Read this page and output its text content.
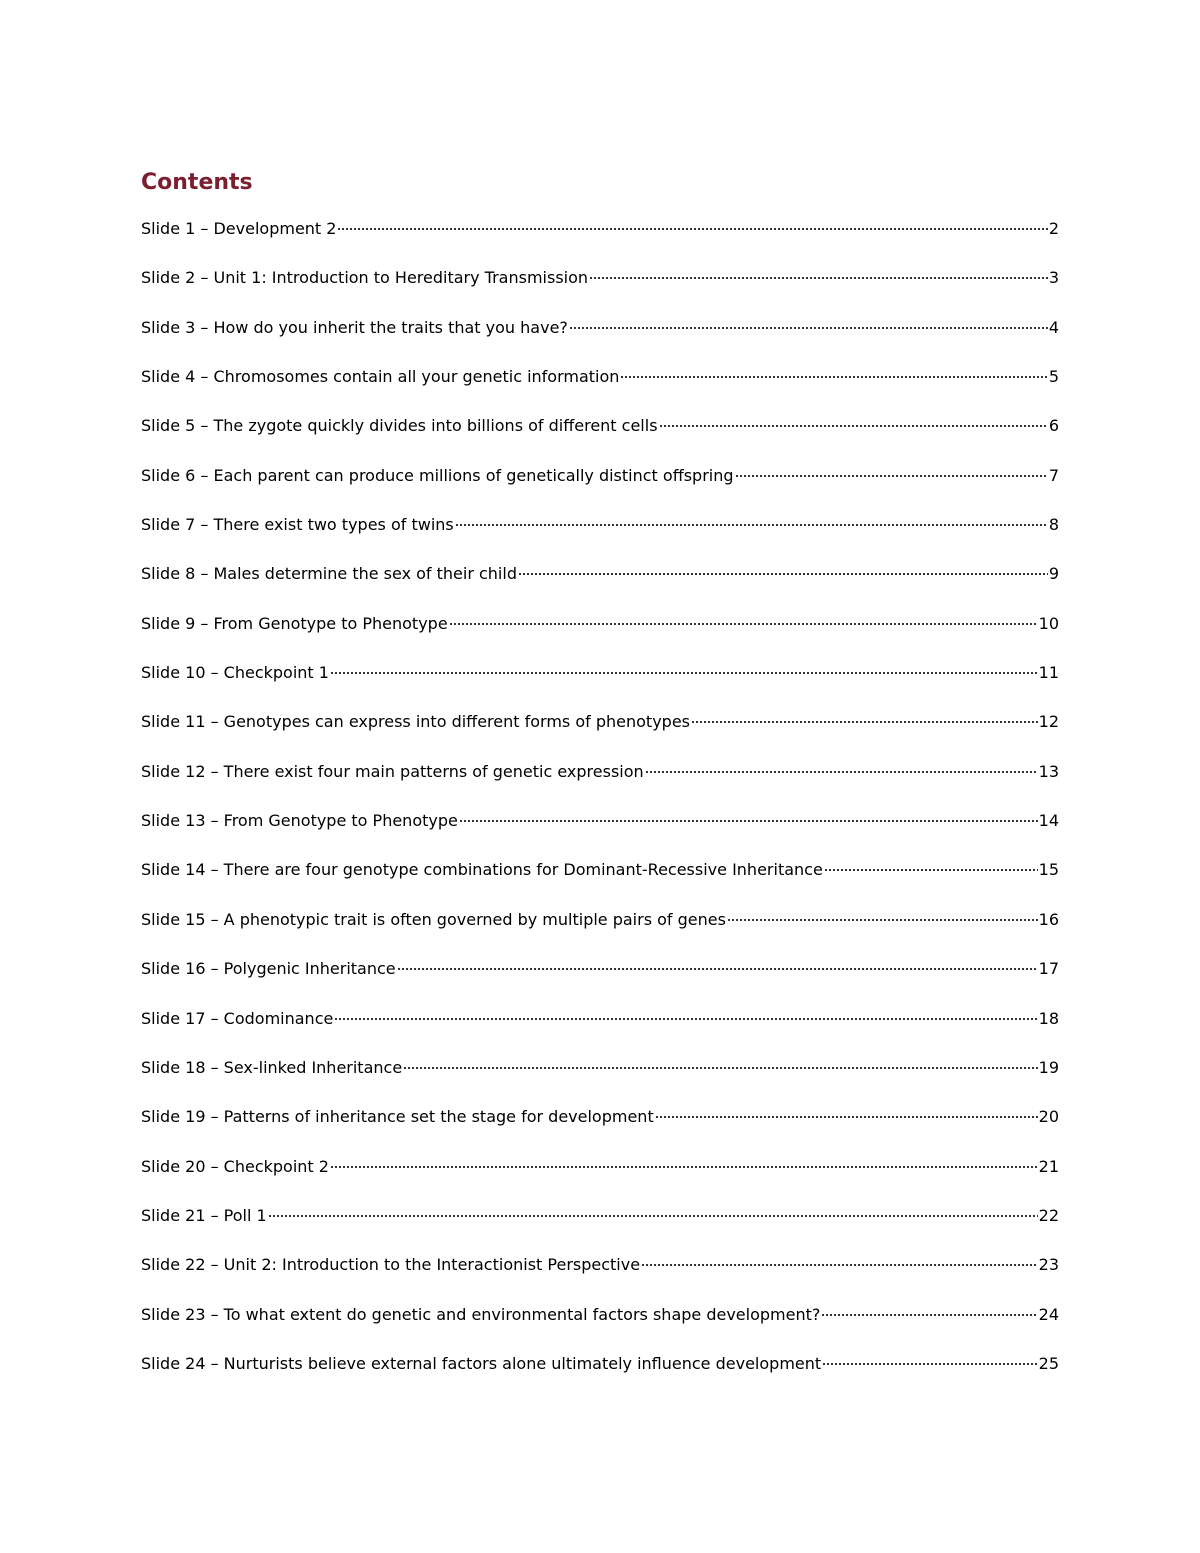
Contents
Slide 1 – Development 2	2
Slide 2 – Unit 1: Introduction to Hereditary Transmission	3
Slide 3 – How do you inherit the traits that you have?	4
Slide 4 – Chromosomes contain all your genetic information	5
Slide 5 – The zygote quickly divides into billions of different cells	6
Slide 6 – Each parent can produce millions of genetically distinct offspring	7
Slide 7 – There exist two types of twins	8
Slide 8 – Males determine the sex of their child	9
Slide 9 – From Genotype to Phenotype	10
Slide 10 – Checkpoint 1	11
Slide 11 – Genotypes can express into different forms of phenotypes	12
Slide 12 – There exist four main patterns of genetic expression	13
Slide 13 – From Genotype to Phenotype	14
Slide 14 – There are four genotype combinations for Dominant-Recessive Inheritance	15
Slide 15 – A phenotypic trait is often governed by multiple pairs of genes	16
Slide 16 – Polygenic Inheritance	17
Slide 17 – Codominance	18
Slide 18 – Sex-linked Inheritance	19
Slide 19 – Patterns of inheritance set the stage for development	20
Slide 20 – Checkpoint 2	21
Slide 21 – Poll 1	22
Slide 22 – Unit 2: Introduction to the Interactionist Perspective	23
Slide 23 – To what extent do genetic and environmental factors shape development?	24
Slide 24 – Nurturists believe external factors alone ultimately influence development	25
